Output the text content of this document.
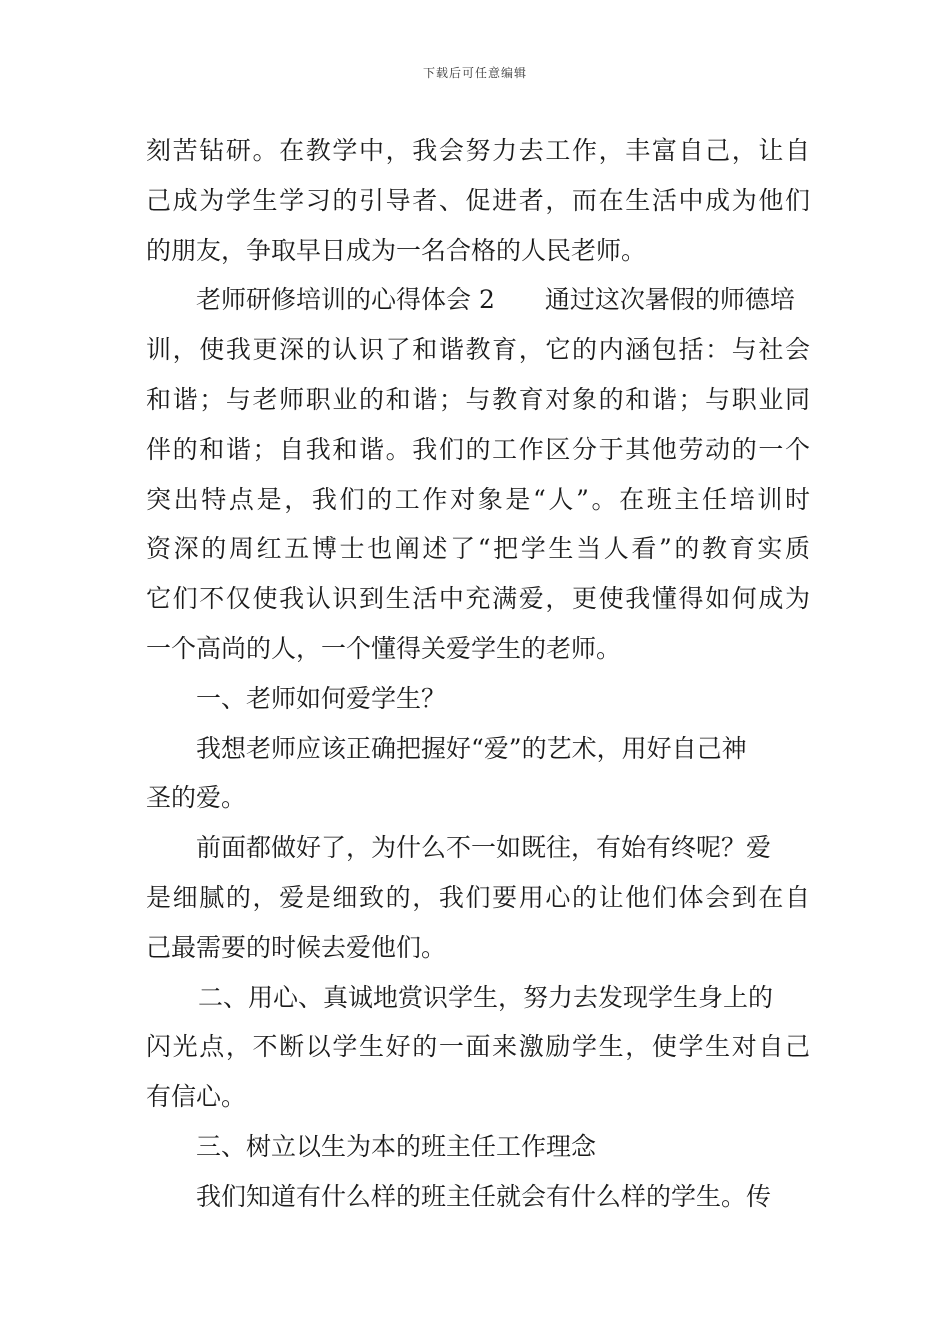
下载后可任意编辑
刻苦钻研。在教学中，我会努力去工作，丰富自己，让自
己成为学生学习的引导者、促进者，而在生活中成为他们
的朋友，争取早日成为一名合格的人民老师。
老师研修培训的心得体会 2　　通过这次暑假的师德培
训，使我更深的认识了和谐教育，它的内涵包括：与社会
和谐；与老师职业的和谐；与教育对象的和谐；与职业同
伴的和谐；自我和谐。我们的工作区分于其他劳动的一个
突出特点是，我们的工作对象是“人”。在班主任培训时
资深的周红五博士也阐述了“把学生当人看”的教育实质
它们不仅使我认识到生活中充满爱，更使我懂得如何成为
一个高尚的人，一个懂得关爱学生的老师。
一、老师如何爱学生？
我想老师应该正确把握好“爱”的艺术，用好自己神
圣的爱。
前面都做好了，为什么不一如既往，有始有终呢？爱
是细腻的，爱是细致的，我们要用心的让他们体会到在自
己最需要的时候去爱他们。
二、用心、真诚地赏识学生，努力去发现学生身上的
闪光点，不断以学生好的一面来激励学生，使学生对自己
有信心。
三、树立以生为本的班主任工作理念
我们知道有什么样的班主任就会有什么样的学生。传
